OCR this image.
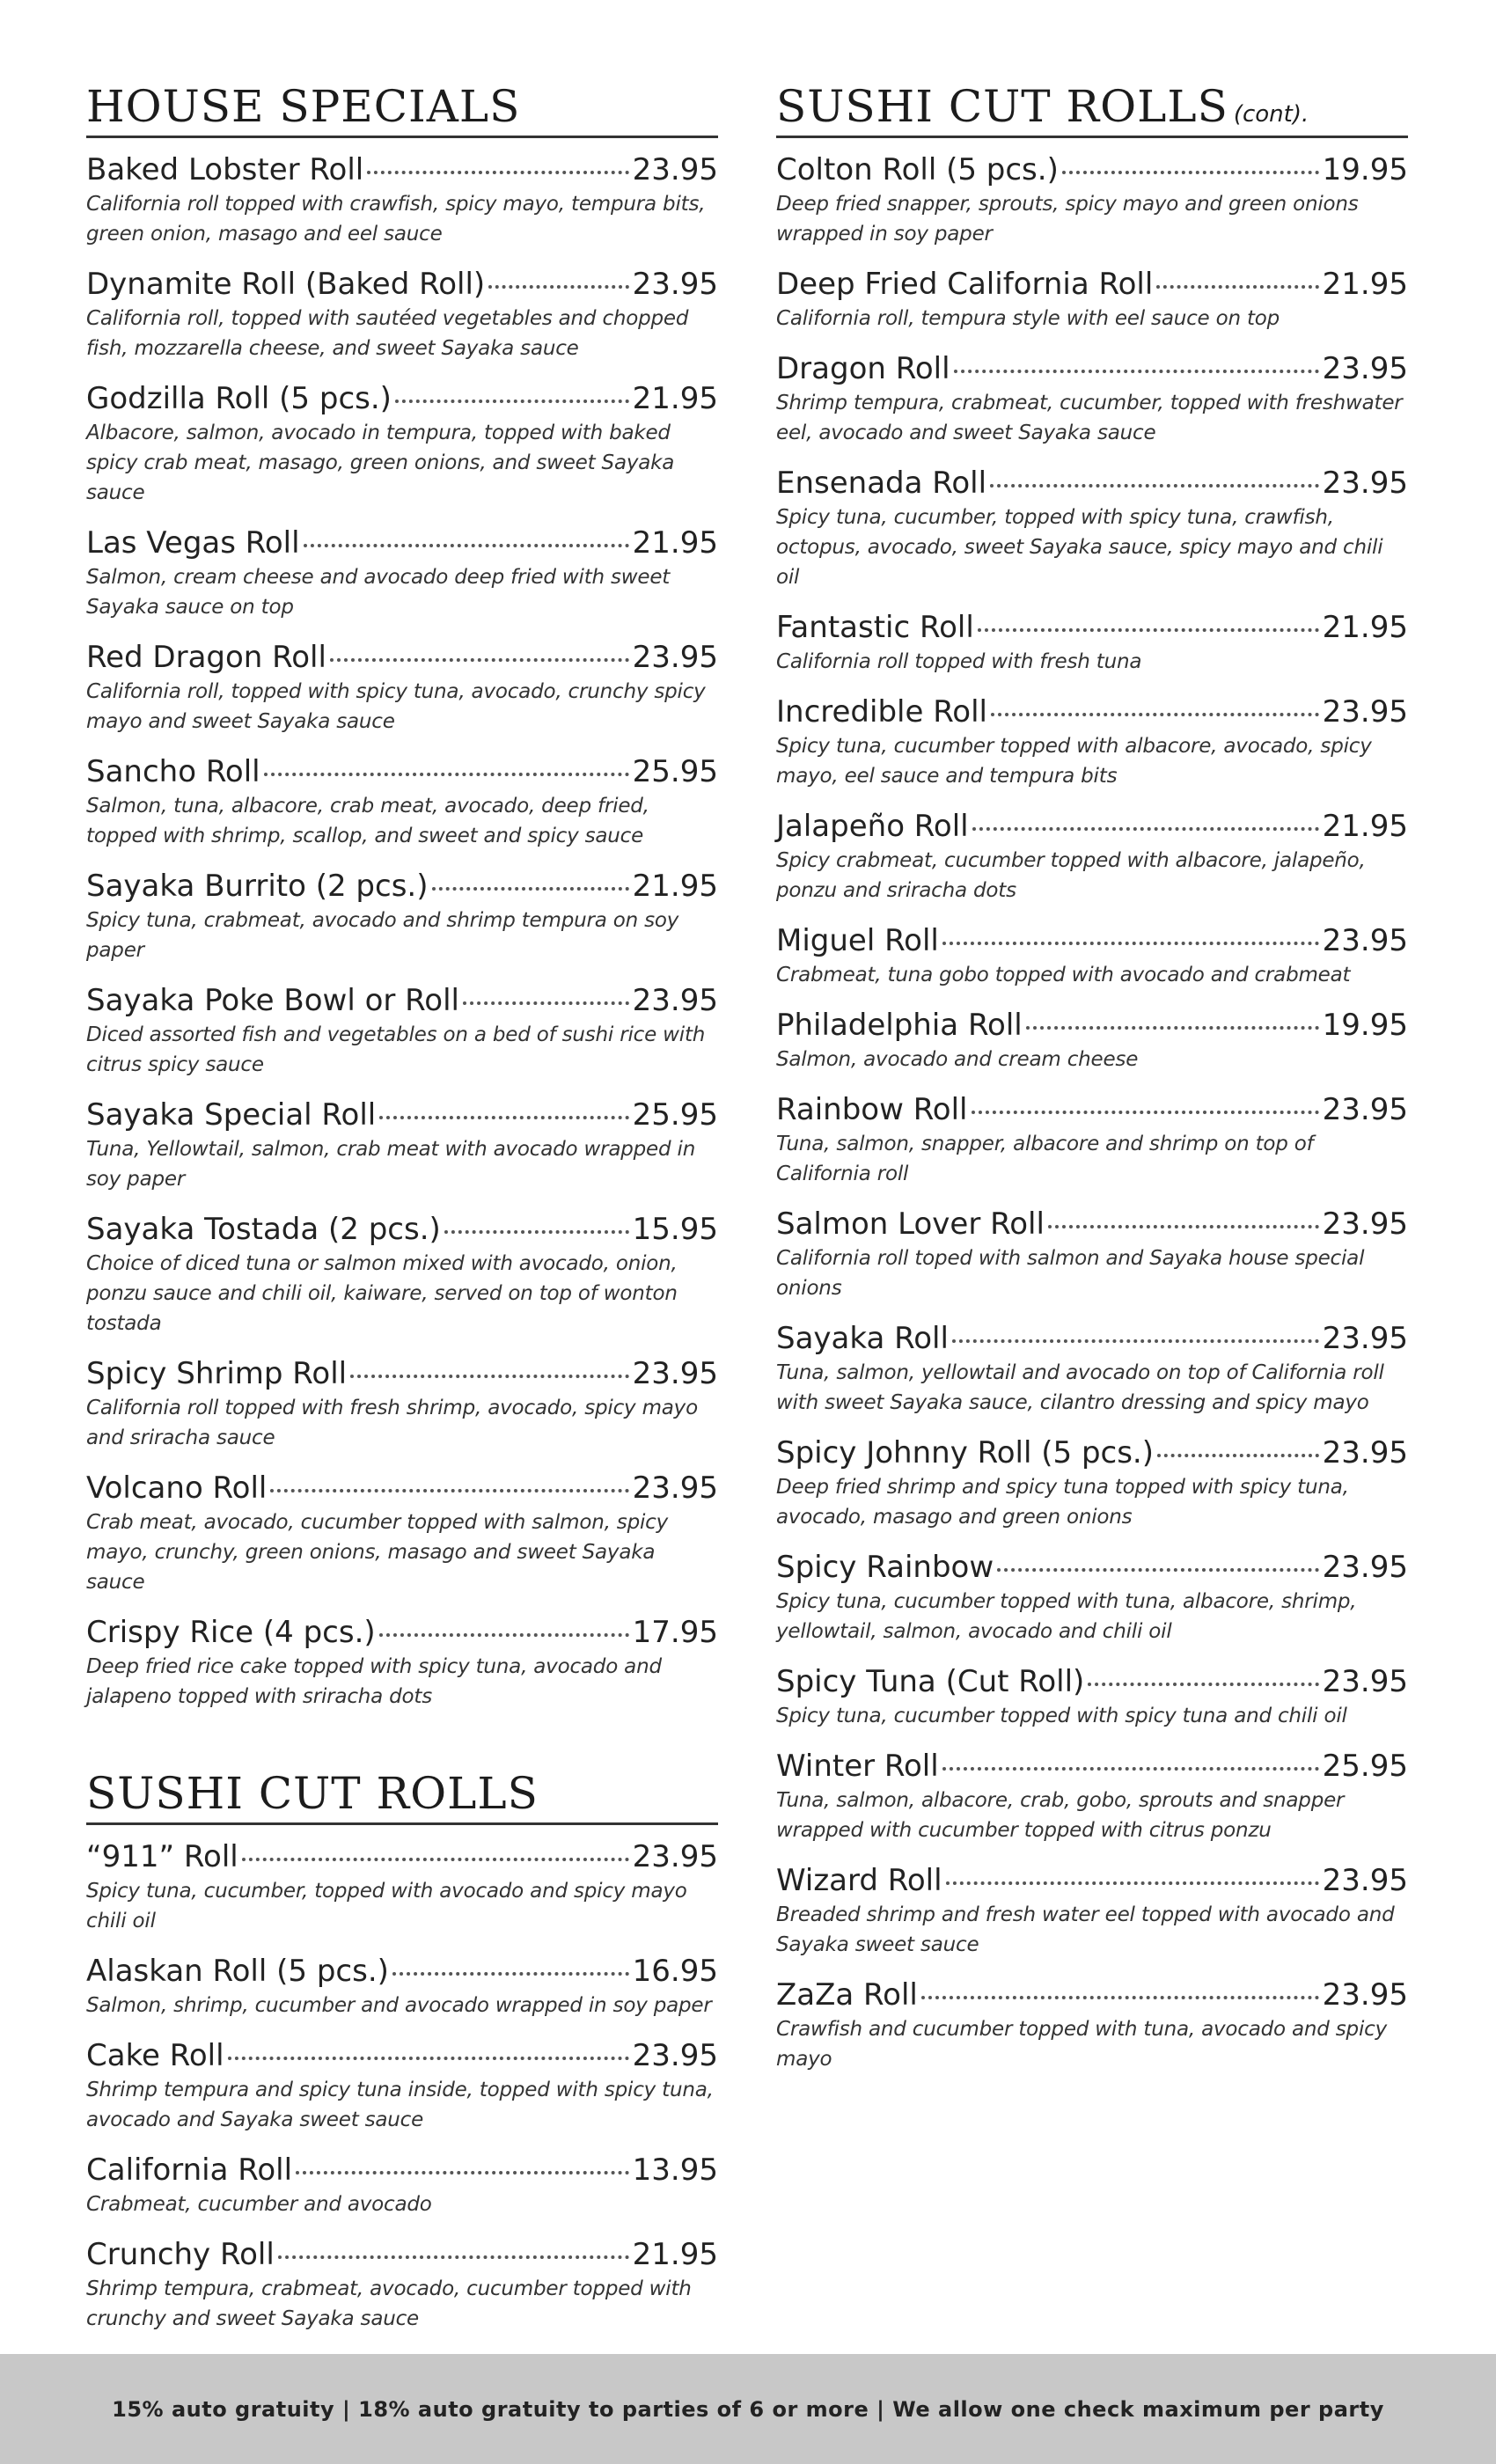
HOUSE SPECIALS
Baked Lobster Roll	23.95
California roll topped with crawfish, spicy mayo, tempura bits, green onion, masago and eel sauce
Dynamite Roll (Baked Roll)	23.95
California roll, topped with sautéed vegetables and chopped fish, mozzarella cheese, and sweet Sayaka sauce
Godzilla Roll (5 pcs.)	21.95
Albacore, salmon, avocado in tempura, topped with baked spicy crab meat, masago, green onions, and sweet Sayaka sauce
Las Vegas Roll	21.95
Salmon, cream cheese and avocado deep fried with sweet Sayaka sauce on top
Red Dragon Roll	23.95
California roll, topped with spicy tuna, avocado, crunchy spicy mayo and sweet Sayaka sauce
Sancho Roll	25.95
Salmon, tuna, albacore, crab meat, avocado, deep fried, topped with shrimp, scallop, and sweet and spicy sauce
Sayaka Burrito (2 pcs.)	21.95
Spicy tuna, crabmeat, avocado and shrimp tempura on soy paper
Sayaka Poke Bowl or Roll	23.95
Diced assorted fish and vegetables on a bed of sushi rice with citrus spicy sauce
Sayaka Special Roll	25.95
Tuna, Yellowtail, salmon, crab meat with avocado wrapped in soy paper
Sayaka Tostada (2 pcs.)	15.95
Choice of diced tuna or salmon mixed with avocado, onion, ponzu sauce and chili oil, kaiware, served on top of wonton tostada
Spicy Shrimp Roll	23.95
California roll topped with fresh shrimp, avocado, spicy mayo and sriracha sauce
Volcano Roll	23.95
Crab meat, avocado, cucumber topped with salmon, spicy mayo, crunchy, green onions, masago and sweet Sayaka sauce
Crispy Rice (4 pcs.)	17.95
Deep fried rice cake topped with spicy tuna, avocado and jalapeno topped with sriracha dots
SUSHI CUT ROLLS
“911” Roll	23.95
Spicy tuna, cucumber, topped with avocado and spicy mayo chili oil
Alaskan Roll (5 pcs.)	16.95
Salmon, shrimp, cucumber and avocado wrapped in soy paper
Cake Roll	23.95
Shrimp tempura and spicy tuna inside, topped with spicy tuna, avocado and Sayaka sweet sauce
California Roll	13.95
Crabmeat, cucumber and avocado
Crunchy Roll	21.95
Shrimp tempura, crabmeat, avocado, cucumber topped with crunchy and sweet Sayaka sauce
SUSHI CUT ROLLS (cont).
Colton Roll (5 pcs.)	19.95
Deep fried snapper, sprouts, spicy mayo and green onions wrapped in soy paper
Deep Fried California Roll	21.95
California roll, tempura style with eel sauce on top
Dragon Roll	23.95
Shrimp tempura, crabmeat, cucumber, topped with freshwater eel, avocado and sweet Sayaka sauce
Ensenada Roll	23.95
Spicy tuna, cucumber, topped with spicy tuna, crawfish, octopus, avocado, sweet Sayaka sauce, spicy mayo and chili oil
Fantastic Roll	21.95
California roll topped with fresh tuna
Incredible Roll	23.95
Spicy tuna, cucumber topped with albacore, avocado, spicy mayo, eel sauce and tempura bits
Jalapeño Roll	21.95
Spicy crabmeat, cucumber topped with albacore, jalapeño, ponzu and sriracha dots
Miguel Roll	23.95
Crabmeat, tuna gobo topped with avocado and crabmeat
Philadelphia Roll	19.95
Salmon, avocado and cream cheese
Rainbow Roll	23.95
Tuna, salmon, snapper, albacore and shrimp on top of California roll
Salmon Lover Roll	23.95
California roll toped with salmon and Sayaka house special onions
Sayaka Roll	23.95
Tuna, salmon, yellowtail and avocado on top of California roll with sweet Sayaka sauce, cilantro dressing and spicy mayo
Spicy Johnny Roll (5 pcs.)	23.95
Deep fried shrimp and spicy tuna topped with spicy tuna, avocado, masago and green onions
Spicy Rainbow	23.95
Spicy tuna, cucumber topped with tuna, albacore, shrimp, yellowtail, salmon, avocado and chili oil
Spicy Tuna (Cut Roll)	23.95
Spicy tuna, cucumber topped with spicy tuna and chili oil
Winter Roll	25.95
Tuna, salmon, albacore, crab, gobo, sprouts and snapper wrapped with cucumber topped with citrus ponzu
Wizard Roll	23.95
Breaded shrimp and fresh water eel topped with avocado and Sayaka sweet sauce
ZaZa Roll	23.95
Crawfish and cucumber topped with tuna, avocado and spicy mayo
15% auto gratuity | 18% auto gratuity to parties of 6 or more | We allow one check maximum per party
